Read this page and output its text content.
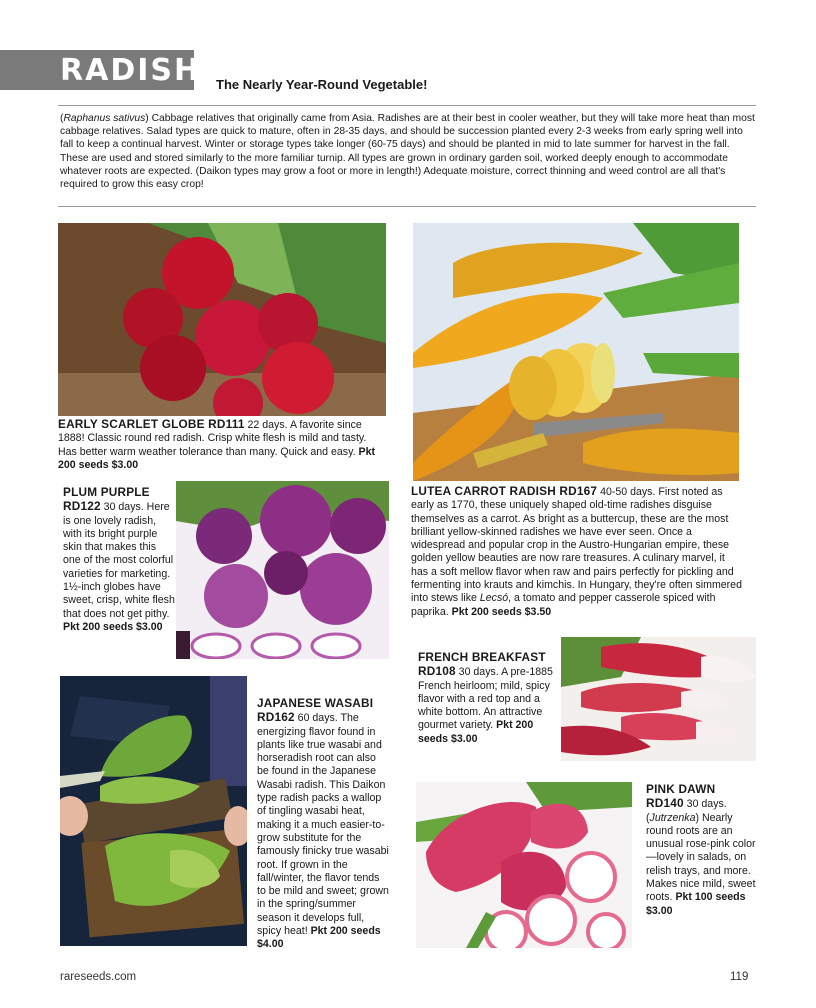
RADISH The Nearly Year-Round Vegetable!
(Raphanus sativus) Cabbage relatives that originally came from Asia. Radishes are at their best in cooler weather, but they will take more heat than most cabbage relatives. Salad types are quick to mature, often in 28-35 days, and should be succession planted every 2-3 weeks from early spring well into fall to keep a continual harvest. Winter or storage types take longer (60-75 days) and should be planted in mid to late summer for harvest in the fall. These are used and stored similarly to the more familiar turnip. All types are grown in ordinary garden soil, worked deeply enough to accommodate whatever roots are expected. (Daikon types may grow a foot or more in length!) Adequate moisture, correct thinning and weed control are all that's required to grow this easy crop!
EARLY SCARLET GLOBE RD111 22 days. A favorite since 1888! Classic round red radish. Crisp white flesh is mild and tasty. Has better warm weather tolerance than many. Quick and easy. Pkt 200 seeds $3.00
PLUM PURPLE RD122 30 days. Here is one lovely radish, with its bright purple skin that makes this one of the most colorful varieties for marketing. 1½-inch globes have sweet, crisp, white flesh that does not get pithy. Pkt 200 seeds $3.00
LUTEA CARROT RADISH RD167 40-50 days. First noted as early as 1770, these uniquely shaped old-time radishes disguise themselves as a carrot. As bright as a buttercup, these are the most brilliant yellow-skinned radishes we have ever seen. Once a widespread and popular crop in the Austro-Hungarian empire, these golden yellow beauties are now rare treasures. A culinary marvel, it has a soft mellow flavor when raw and pairs perfectly for pickling and fermenting into krauts and kimchis. In Hungary, they're often simmered into stews like Lecsó, a tomato and pepper casserole spiced with paprika. Pkt 200 seeds $3.50
FRENCH BREAKFAST RD108 30 days. A pre-1885 French heirloom; mild, spicy flavor with a red top and a white bottom. An attractive gourmet variety. Pkt 200 seeds $3.00
JAPANESE WASABI RD162 60 days. The energizing flavor found in plants like true wasabi and horseradish root can also be found in the Japanese Wasabi radish. This Daikon type radish packs a wallop of tingling wasabi heat, making it a much easier-to-grow substitute for the famously finicky true wasabi root. If grown in the fall/winter, the flavor tends to be mild and sweet; grown in the spring/summer season it develops full, spicy heat! Pkt 200 seeds $4.00
PINK DAWN RD140 30 days. (Jutrzenka) Nearly round roots are an unusual rose-pink color—lovely in salads, on relish trays, and more. Makes nice mild, sweet roots. Pkt 100 seeds $3.00
rareseeds.com	119
